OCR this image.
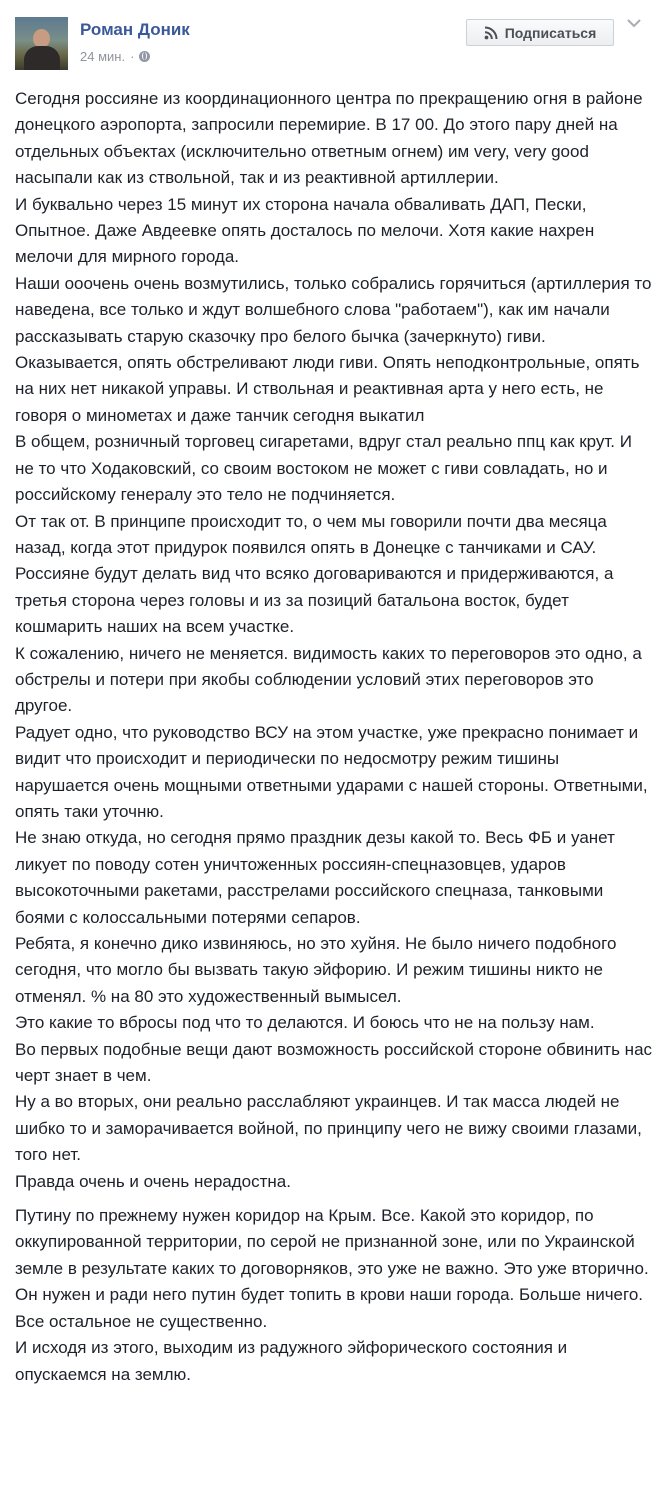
Роман Доник
24 мин. ·
Подписаться

Сегодня россияне из координационного центра по прекращению огня в районе донецкого аэропорта, запросили перемирие. В 17 00. До этого пару дней на отдельных объектах (исключительно ответным огнем) им very, very good насыпали как из ствольной, так и из реактивной артиллерии.

И буквально через 15 минут их сторона начала обваливать ДАП, Пески, Опытное. Даже Авдеевке опять досталось по мелочи. Хотя какие нахрен мелочи для мирного города.

Наши ооочень очень возмутились, только собрались горячиться (артиллерия то наведена, все только и ждут волшебного слова "работаем"), как им начали рассказывать старую сказочку про белого бычка (зачеркнуто) гиви.

Оказывается, опять обстреливают люди гиви. Опять неподконтрольные, опять на них нет никакой управы. И ствольная и реактивная арта у него есть, не говоря о минометах и даже танчик сегодня выкатил

В общем, розничный торговец сигаретами, вдруг стал реально ппц как крут. И не то что Ходаковский, со своим востоком не может с гиви совладать, но и российскому генералу это тело не подчиняется.

От так от. В принципе происходит то, о чем мы говорили почти два месяца назад, когда этот придурок появился опять в Донецке с танчиками и САУ.

Россияне будут делать вид что всяко договариваются и придерживаются, а третья сторона через головы и из за позиций батальона восток, будет кошмарить наших на всем участке.

К сожалению, ничего не меняется. видимость каких то переговоров это одно, а обстрелы и потери при якобы соблюдении условий этих переговоров это другое.

Радует одно, что руководство ВСУ на этом участке, уже прекрасно понимает и видит что происходит и периодически по недосмотру режим тишины нарушается очень мощными ответными ударами с нашей стороны. Ответными, опять таки уточню.

Не знаю откуда, но сегодня прямо праздник дезы какой то. Весь ФБ и уанет ликует по поводу сотен уничтоженных россиян-спецназовцев, ударов высокоточными ракетами, расстрелами российского спецназа, танковыми боями с колоссальными потерями сепаров.

Ребята, я конечно дико извиняюсь, но это хуйня. Не было ничего подобного сегодня, что могло бы вызвать такую эйфорию. И режим тишины никто не отменял. % на 80 это художественный вымысел.

Это какие то вбросы под что то делаются. И боюсь что не на пользу нам.

Во первых подобные вещи дают возможность российской стороне обвинить нас черт знает в чем.

Ну а во вторых, они реально расслабляют украинцев. И так масса людей не шибко то и заморачивается войной, по принципу чего не вижу своими глазами, того нет.

Правда очень и очень нерадостна.

Путину по прежнему нужен коридор на Крым. Все. Какой это коридор, по оккупированной территории, по серой не признанной зоне, или по Украинской земле в результате каких то договорняков, это уже не важно. Это уже вторично. Он нужен и ради него путин будет топить в крови наши города. Больше ничего. Все остальное не существенно.

И исходя из этого, выходим из радужного эйфорического состояния и опускаемся на землю.
